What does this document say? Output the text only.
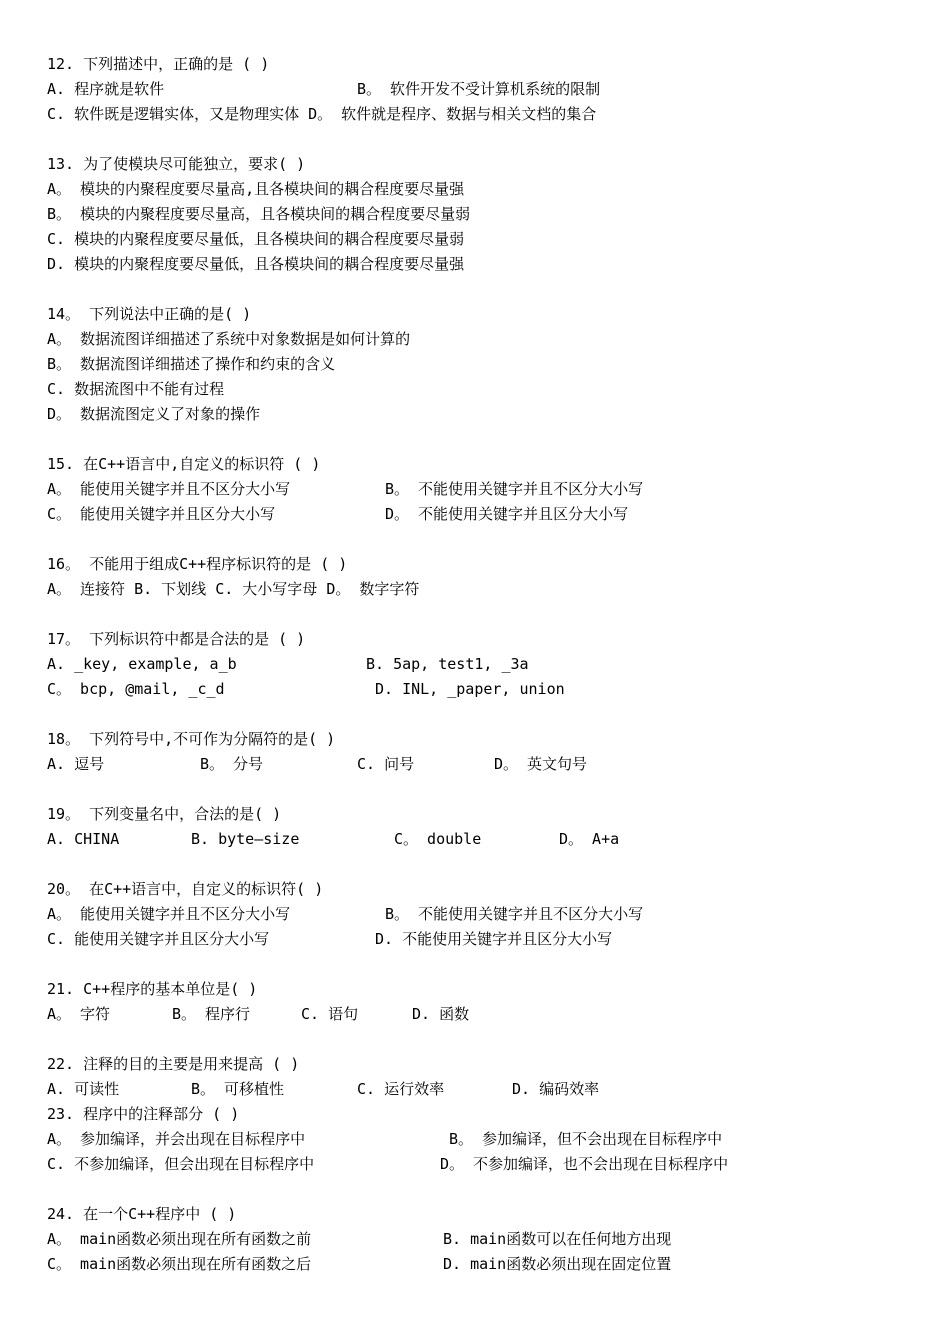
12. 下列描述中，正确的是 ( )
A. 程序就是软件	B。 软件开发不受计算机系统的限制
C. 软件既是逻辑实体，又是物理实体 D。 软件就是程序、数据与相关文档的集合
13. 为了使模块尽可能独立，要求( )
A。 模块的内聚程度要尽量高,且各模块间的耦合程度要尽量强
B。 模块的内聚程度要尽量高，且各模块间的耦合程度要尽量弱
C. 模块的内聚程度要尽量低，且各模块间的耦合程度要尽量弱
D. 模块的内聚程度要尽量低，且各模块间的耦合程度要尽量强
14。 下列说法中正确的是( )
A。 数据流图详细描述了系统中对象数据是如何计算的
B。 数据流图详细描述了操作和约束的含义
C. 数据流图中不能有过程
D。 数据流图定义了对象的操作
15. 在C++语言中,自定义的标识符 ( )
A。 能使用关键字并且不区分大小写	B。 不能使用关键字并且不区分大小写
C。 能使用关键字并且区分大小写	D。 不能使用关键字并且区分大小写
16。 不能用于组成C++程序标识符的是 ( )
A。 连接符 B. 下划线 C. 大小写字母 D。 数字字符
17。 下列标识符中都是合法的是 ( )
A. _key, example, a_b	B. 5ap, test1, _3a
C。 bcp, @mail, _c_d	D. INL, _paper, union
18。 下列符号中,不可作为分隔符的是( )
A. 逗号	B。 分号	C. 问号	D。 英文句号
19。 下列变量名中，合法的是( )
A. CHINA	B. byte—size	C。 double	D。 A+a
20。 在C++语言中，自定义的标识符( )
A。 能使用关键字并且不区分大小写	B。 不能使用关键字并且不区分大小写
C. 能使用关键字并且区分大小写	D. 不能使用关键字并且区分大小写
21. C++程序的基本单位是( )
A。 字符	B。 程序行	C. 语句	D. 函数
22. 注释的目的主要是用来提高 ( )
A. 可读性	B。 可移植性	C. 运行效率	D. 编码效率
23. 程序中的注释部分 ( )
A。 参加编译，并会出现在目标程序中	B。 参加编译，但不会出现在目标程序中
C. 不参加编译，但会出现在目标程序中	D。 不参加编译，也不会出现在目标程序中
24. 在一个C++程序中 ( )
A。 main函数必须出现在所有函数之前	B. main函数可以在任何地方出现
C。 main函数必须出现在所有函数之后	D. main函数必须出现在固定位置
